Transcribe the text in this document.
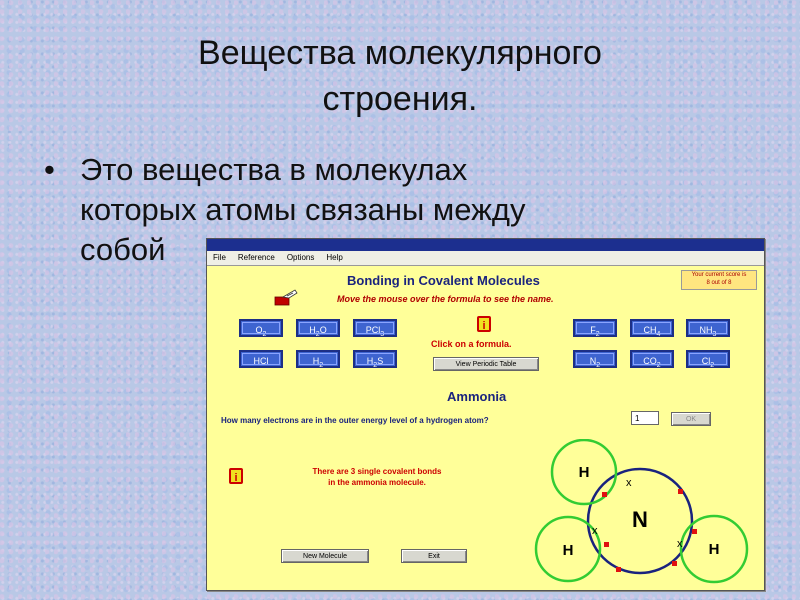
Вещества молекулярного
строения.
• Это вещества в молекулах
которых атомы связаны между
собой	File Reference Options Help
Bonding in Covalent Molecules
Move the mouse over the formula to see the name.
Your current score is
8 out of 8
$O_2$	$H_2O$	PCl$_3$
HCl	$H_2$	$H_2S$
$F_2$	$CH_4$	$NH_3$
$N_2$	$CO_2$	$Cl_2$
i
Click on a formula.
View Periodic Table
Ammonia
How many electrons are in the outer energy level of a hydrogen atom?	1	OK
i
There are 3 single covalent bonds
in the ammonia molecule.
New Molecule	Exit
N
H
H	H
x
x
x
